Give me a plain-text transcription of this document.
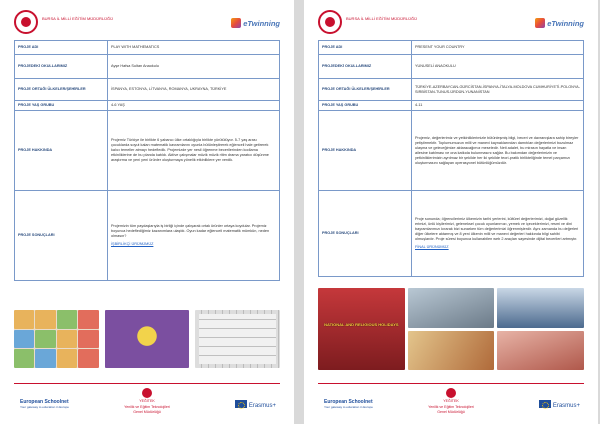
BURSA İL MİLLİ EĞİTİM MÜDÜRLÜĞÜ
eTwinning
PROJE ADI	PLAY WITH MATHEMATICS
PROJEDEKİ OKULLARIMIZ	Ayşe Hafsa Sultan Anaokulu
PROJE ORTAĞI ÜLKELER/ŞEHİRLER	İSPANYA, ESTONYA, LİTVANYA, ROMANYA, UKRAYNA, TÜRKİYE
PROJE YAŞ GRUBU	4-6 YAŞ
PROJE HAKKINDA	Projemiz Türkiye ile birlikte 6 yabancı ülke ortaklığıyla birlikte yürütülüyor. 5-7 yaş arası çocuklarda soyut kalan matematik kavramlarını oyunla bütünleştirerek eğlenceli hale getirerek kalıcı temeller atmayı hedefledik. Projemizde yer nesil öğrenme becerilerinden kodlama etkinliklerine de bu planda katıldı. Aktive çalışmalar müzik müzik ritim drama yaratıcı düşünme araştırma ve yeni yeni ürünler oluşturmaya yönelik etkinliklere yer verdik.
PROJE SONUÇLARI	Projemizin tüm paydaşlarıyla iş birliği içinde çalışarak ortak ürünler ortaya koydular. Projemiz boyunca hedeflediğimiz kazanımlara ulaştık. Oyun kadar eğlenceli matematik mümkün, neden olmasın?
İŞBİRLİKÇİ ÜRÜNÜMÜZ
European Schoolnet
Your gateway to education in Europe
YEĞİTEK
Yenilik ve Eğitim Teknolojileri
Genel Müdürlüğü
Erasmus+
BURSA İL MİLLİ EĞİTİM MÜDÜRLÜĞÜ
eTwinning
PROJE ADI	PRESENT YOUR COUNTRY
PROJEDEKİ OKULLARIMIZ	YUNUSELİ ANAOKULU
PROJE ORTAĞI ÜLKELER/ŞEHİRLER	TÜRKİYE-AZERBAYCAN-GÜRCİSTAN-İSPANYA-İTALYA-MOLDOVA CUMHURİYETİ-POLONYA-SIRBİSTAN-TUNUS-ÜRDÜN-YUNANİSTAN
PROJE YAŞ GRUBU	4-11
PROJE HAKKINDA	Projemiz, değerlerimiz ve yetkinliklerimizle bütünleşmiş bilgi, beceri ve davranışlara sahip bireyler yetiştirmektir. Toplumumuzun milli ve manevi kaynaklarından damıtılan değerlerimizi bozulmaz ulaşma ve geleceğimize aktaracağımız meseledir. Neti adalet, bu mirasın hayatla ve insan ailesine katılması ve ona katkıda bulunmasını sağlar. Bu bakımdan değerlerimizin ve yetkinliklerimizin ayrılmaz bir şekilde her iki şekilde teori-pratik birlikteliğinde temel parçamızı oluşturmasını sağlayan operasyonel bütünlüğümüzdür.
PROJE SONUÇLARI	Proje sonunda; öğrencilerimiz ülkemizin tarihi yerlerini, kültürel değerlerimizi, doğal güzellik erimizi, ünlü kişilerimizi, geleneksel çocuk oyunlarımızı, yemek ve içeceklerimizi, resmi ve dini bayramlarımızı kırarak bizi sunarken tüm değerlerimizi öğrenmişlerdir. Aynı zamanda bu değerleri diğer ülkelere aktarmış ve 8 yeni ülkenin milli ve manevi değerleri hakkında bilgi sahibi olmuşlardır. Proje süresi boyunca kullanabilen web 2 araçları sayesinde dijital becerileri artmıştır.
FİNAL ÜRÜNÜMÜZ
NATIONAL AND RELIGIOUS HOLIDAYS
European Schoolnet
Your gateway to education in Europe
YEĞİTEK
Yenilik ve Eğitim Teknolojileri
Genel Müdürlüğü
Erasmus+
